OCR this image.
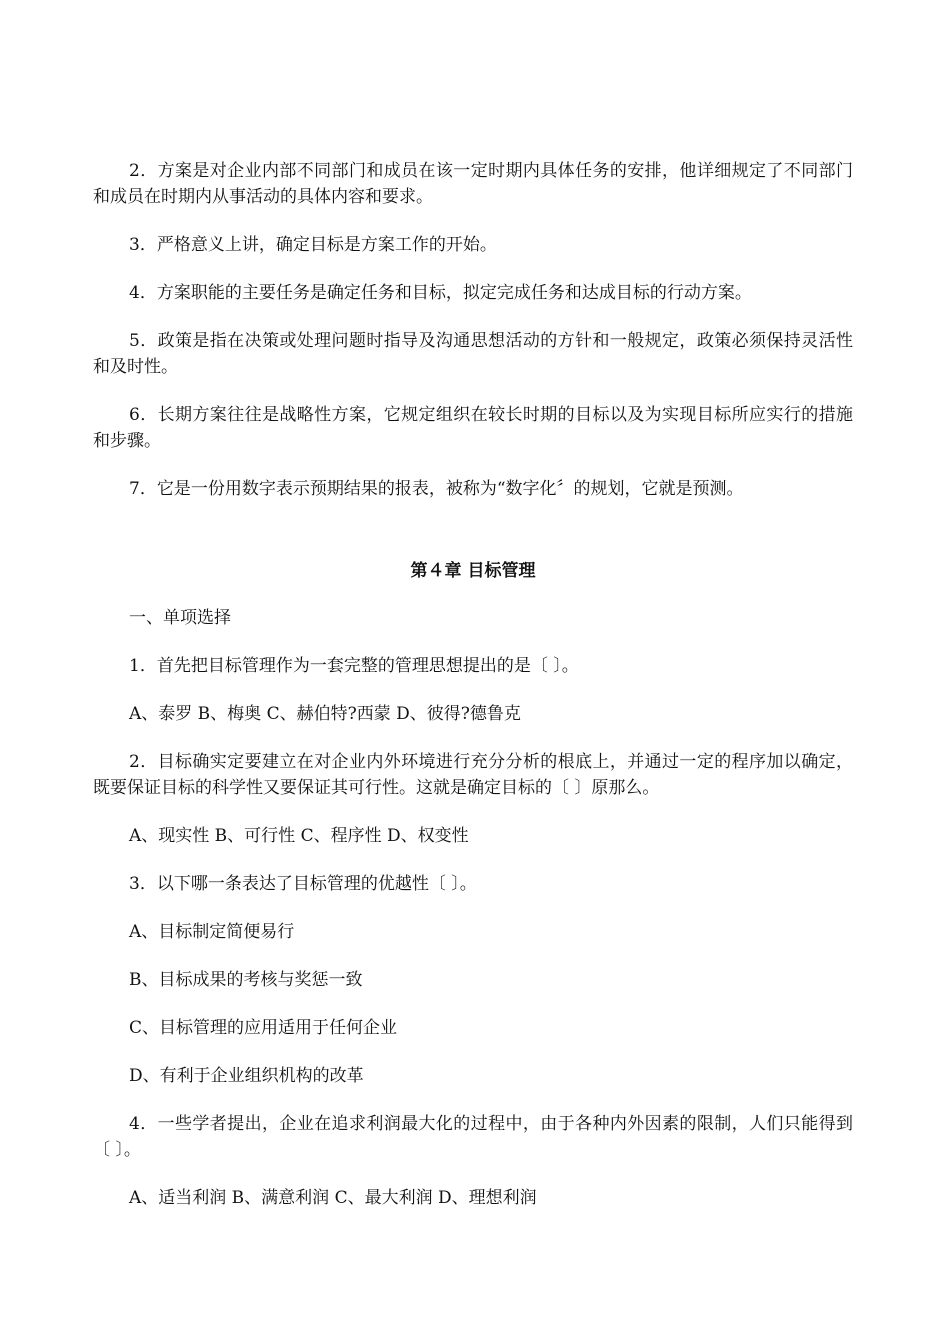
2．方案是对企业内部不同部门和成员在该一定时期内具体任务的安排，他详细规定了不同部门和成员在时期内从事活动的具体内容和要求。

3．严格意义上讲，确定目标是方案工作的开始。

4．方案职能的主要任务是确定任务和目标，拟定完成任务和达成目标的行动方案。

5．政策是指在决策或处理问题时指导及沟通思想活动的方针和一般规定，政策必须保持灵活性和及时性。

6．长期方案往往是战略性方案，它规定组织在较长时期的目标以及为实现目标所应实行的措施和步骤。

7．它是一份用数字表示预期结果的报表，被称为“数字化〞的规划，它就是预测。

第４章 目标管理

一、单项选择

1．首先把目标管理作为一套完整的管理思想提出的是〔 〕。

A、泰罗 B、梅奥 C、赫伯特?西蒙 D、彼得?德鲁克

2．目标确实定要建立在对企业内外环境进行充分分析的根底上，并通过一定的程序加以确定，既要保证目标的科学性又要保证其可行性。这就是确定目标的〔 〕原那么。

A、现实性 B、可行性 C、程序性 D、权变性

3．以下哪一条表达了目标管理的优越性〔 〕。

A、目标制定简便易行

B、目标成果的考核与奖惩一致

C、目标管理的应用适用于任何企业

D、有利于企业组织机构的改革

4．一些学者提出，企业在追求利润最大化的过程中，由于各种内外因素的限制，人们只能得到〔 〕。

A、适当利润 B、满意利润 C、最大利润 D、理想利润
